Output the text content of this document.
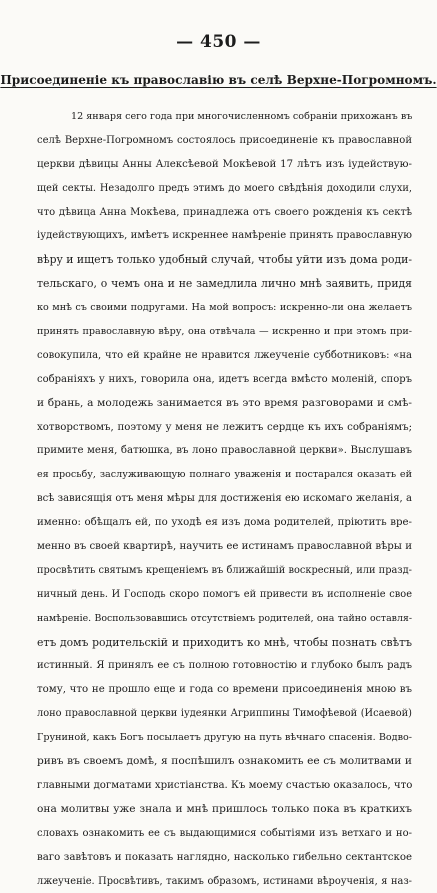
— 450 —
Присоединеніе къ православію въ селѣ Верхне-Погромномъ.
12 января сего года при многочисленномъ собраніи прихожанъ въ
селѣ Верхне-Погромномъ состоялось присоединеніе къ православной
церкви дѣвицы Анны Алексѣевой Мокѣевой 17 лѣтъ изъ іудействую-
щей секты. Незадолго предъ этимъ до моего свѣдѣнія доходили слухи,
что дѣвица Анна Мокѣева, принадлежа отъ своего рожденія къ сектѣ
іудействующихъ, имѣетъ искреннее намѣреніе принять православную
вѣру и ищетъ только удобный случай, чтобы уйти изъ дома роди-
тельскаго, о чемъ она и не замедлила лично мнѣ заявить, придя
ко мнѣ съ своими подругами. На мой вопросъ: искренно-ли она желаетъ
принять православную вѣру, она отвѣчала — искренно и при этомъ при-
совокупила, что ей крайне не нравится лжеученіе субботниковъ: «на
собраніяхъ у нихъ, говорила она, идетъ всегда вмѣсто моленій, споръ
и брань, а молодежь занимается въ это время разговорами и смѣ-
хотворствомъ, поэтому у меня не лежитъ сердце къ ихъ собраніямъ;
примите меня, батюшка, въ лоно православной церкви». Выслушавъ
ея просьбу, заслуживающую полнаго уваженія и постарался оказать ей
всѣ зависящія отъ меня мѣры для достиженія ею искомаго желанія, а
именно: обѣщалъ ей, по уходѣ ея изъ дома родителей, пріютить вре-
менно въ своей квартирѣ, научить ее истинамъ православной вѣры и
просвѣтить святымъ крещеніемъ въ ближайшій воскресный, или празд-
ничный день. И Господь скоро помогъ ей привести въ исполненіе свое
намѣреніе. Воспользовавшись отсутствіемъ родителей, она тайно оставля-
етъ домъ родительскій и приходитъ ко мнѣ, чтобы познать свѣтъ
истинный. Я принялъ ее съ полною готовностію и глубоко былъ радъ
тому, что не прошло еще и года со времени присоединенія мною въ
лоно православной церкви іудеянки Агриппины Тимофѣевой (Исаевой)
Груниной, какъ Богъ посылаетъ другую на путь вѣчнаго спасенія. Водво-
ривъ въ своемъ домѣ, я поспѣшилъ ознакомить ее съ молитвами и
главными догматами христіанства. Къ моему счастью оказалось, что
она молитвы уже знала и мнѣ пришлось только пока въ краткихъ
словахъ ознакомить ее съ выдающимися событіями изъ ветхаго и но-
ваго завѣтовъ и показать наглядно, насколько гибельно сектантское
лжеученіе. Просвѣтивъ, такимъ образомъ, истинами вѣроученія, я наз-
